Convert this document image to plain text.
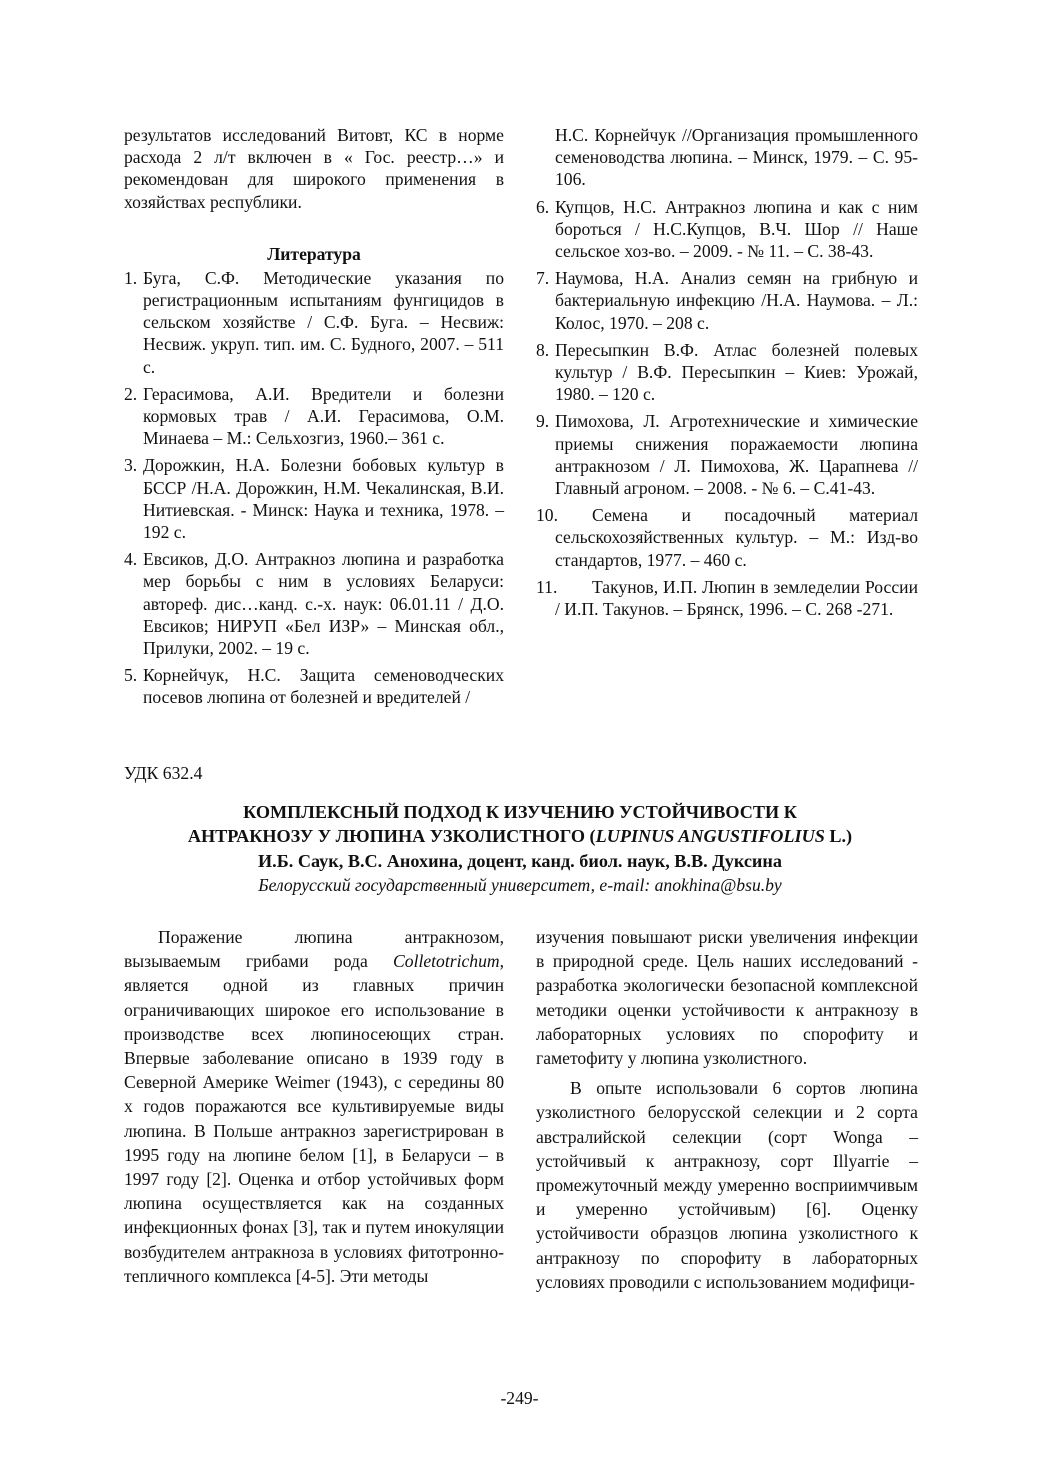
результатов исследований Витовт, КС в норме расхода 2 л/т включен в « Гос. реестр…» и рекомендован для широкого применения в хозяйствах республики.

Литература
1. Буга, С.Ф. Методические указания по регистрационным испытаниям фунгицидов в сельском хозяйстве / С.Ф. Буга. – Несвиж: Несвиж. укруп. тип. им. С. Будного, 2007. – 511 с.
2. Герасимова, А.И. Вредители и болезни кормовых трав / А.И. Герасимова, О.М. Минаева – М.: Сельхозгиз, 1960.– 361 с.
3. Дорожкин, Н.А. Болезни бобовых культур в БССР /Н.А. Дорожкин, Н.М. Чекалинская, В.И. Нитиевская. - Минск: Наука и техника, 1978. – 192 с.
4. Евсиков, Д.О. Антракноз люпина и разработка мер борьбы с ним в условиях Беларуси: автореф. дис…канд. с.-х. наук: 06.01.11 / Д.О. Евсиков; НИРУП «Бел ИЗР» – Минская обл., Прилуки, 2002. – 19 с.
5. Корнейчук, Н.С. Защита семеноводческих посевов люпина от болезней и вредителей /
Н.С. Корнейчук //Организация промышленного семеноводства люпина. – Минск, 1979. – С. 95-106.
6. Купцов, Н.С. Антракноз люпина и как с ним бороться / Н.С.Купцов, В.Ч. Шор // Наше сельское хоз-во. – 2009. - № 11. – С. 38-43.
7. Наумова, Н.А. Анализ семян на грибную и бактериальную инфекцию /Н.А. Наумова. – Л.: Колос, 1970. – 208 с.
8. Пересыпкин В.Ф. Атлас болезней полевых культур / В.Ф. Пересыпкин – Киев: Урожай, 1980. – 120 с.
9. Пимохова, Л. Агротехнические и химические приемы снижения поражаемости люпина антракнозом / Л. Пимохова, Ж. Царапнева // Главный агроном. – 2008. - № 6. – С.41-43.
10. Семена и посадочный материал сельскохозяйственных культур. – М.: Изд-во стандартов, 1977. – 460 с.
11. Такунов, И.П. Люпин в земледелии России / И.П. Такунов. – Брянск, 1996. – С. 268 -271.
УДК 632.4

КОМПЛЕКСНЫЙ ПОДХОД К ИЗУЧЕНИЮ УСТОЙЧИВОСТИ К
АНТРАКНОЗУ У ЛЮПИНА УЗКОЛИСТНОГО (LUPINUS ANGUSTIFOLIUS L.)

И.Б. Саук, В.С. Анохина, доцент, канд. биол. наук, В.В. Дуксина

Белорусский государственный университет, e-mail: anokhina@bsu.by

Поражение люпина антракнозом, вызываемым грибами рода Colletotrichum, является одной из главных причин ограничивающих широкое его использование в производстве всех люпиносеющих стран. Впервые заболевание описано в 1939 году в Северной Америке Weimer (1943), с середины 80 х годов поражаются все культивируемые виды люпина. В Польше антракноз зарегистрирован в 1995 году на люпине белом [1], в Беларуси – в 1997 году [2]. Оценка и отбор устойчивых форм люпина осуществляется как на созданных инфекционных фонах [3], так и путем инокуляции возбудителем антракноза в условиях фитотронно-тепличного комплекса [4-5]. Эти методы

изучения повышают риски увеличения инфекции в природной среде. Цель наших исследований - разработка экологически безопасной комплексной методики оценки устойчивости к антракнозу в лабораторных условиях по спорофиту и гаметофиту у люпина узколистного.

В опыте использовали 6 сортов люпина узколистного белорусской селекции и 2 сорта австралийской селекции (сорт Wonga – устойчивый к антракнозу, сорт Illyarrie – промежуточный между умеренно восприимчивым и умеренно устойчивым) [6]. Оценку устойчивости образцов люпина узколистного к антракнозу по спорофиту в лабораторных условиях проводили с использованием модифици-

-249-
